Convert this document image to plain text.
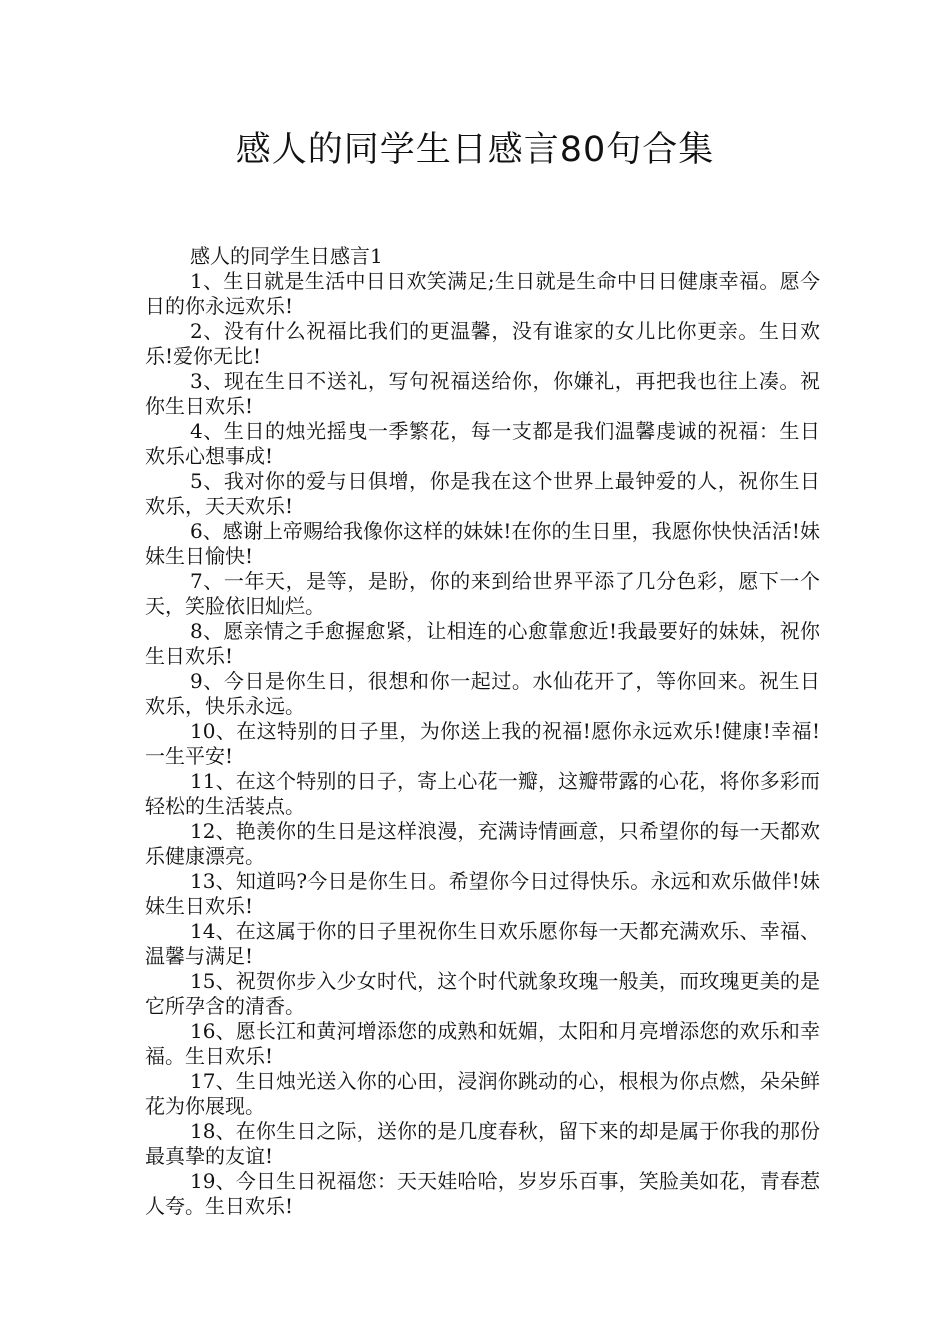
感人的同学生日感言80句合集

感人的同学生日感言1

1、生日就是生活中日日欢笑满足;生日就是生命中日日健康幸福。愿今日的你永远欢乐!

2、没有什么祝福比我们的更温馨，没有谁家的女儿比你更亲。生日欢乐!爱你无比!

3、现在生日不送礼，写句祝福送给你，你嫌礼，再把我也往上凑。祝你生日欢乐!

4、生日的烛光摇曳一季繁花，每一支都是我们温馨虔诚的祝福：生日欢乐心想事成!

5、我对你的爱与日俱增，你是我在这个世界上最钟爱的人，祝你生日欢乐，天天欢乐!

6、感谢上帝赐给我像你这样的妹妹!在你的生日里，我愿你快快活活!妹妹生日愉快!

7、一年天，是等，是盼，你的来到给世界平添了几分色彩，愿下一个天，笑脸依旧灿烂。

8、愿亲情之手愈握愈紧，让相连的心愈靠愈近!我最要好的妹妹，祝你生日欢乐!

9、今日是你生日，很想和你一起过。水仙花开了，等你回来。祝生日欢乐，快乐永远。

10、在这特别的日子里，为你送上我的祝福!愿你永远欢乐!健康!幸福!一生平安!

11、在这个特别的日子，寄上心花一瓣，这瓣带露的心花，将你多彩而轻松的生活装点。

12、艳羡你的生日是这样浪漫，充满诗情画意，只希望你的每一天都欢乐健康漂亮。

13、知道吗?今日是你生日。希望你今日过得快乐。永远和欢乐做伴!妹妹生日欢乐!

14、在这属于你的日子里祝你生日欢乐愿你每一天都充满欢乐、幸福、温馨与满足!

15、祝贺你步入少女时代，这个时代就象玫瑰一般美，而玫瑰更美的是它所孕含的清香。

16、愿长江和黄河增添您的成熟和妩媚，太阳和月亮增添您的欢乐和幸福。生日欢乐!

17、生日烛光送入你的心田，浸润你跳动的心，根根为你点燃，朵朵鲜花为你展现。

18、在你生日之际，送你的是几度春秋，留下来的却是属于你我的那份最真挚的友谊!

19、今日生日祝福您：天天娃哈哈，岁岁乐百事，笑脸美如花，青春惹人夸。生日欢乐!
